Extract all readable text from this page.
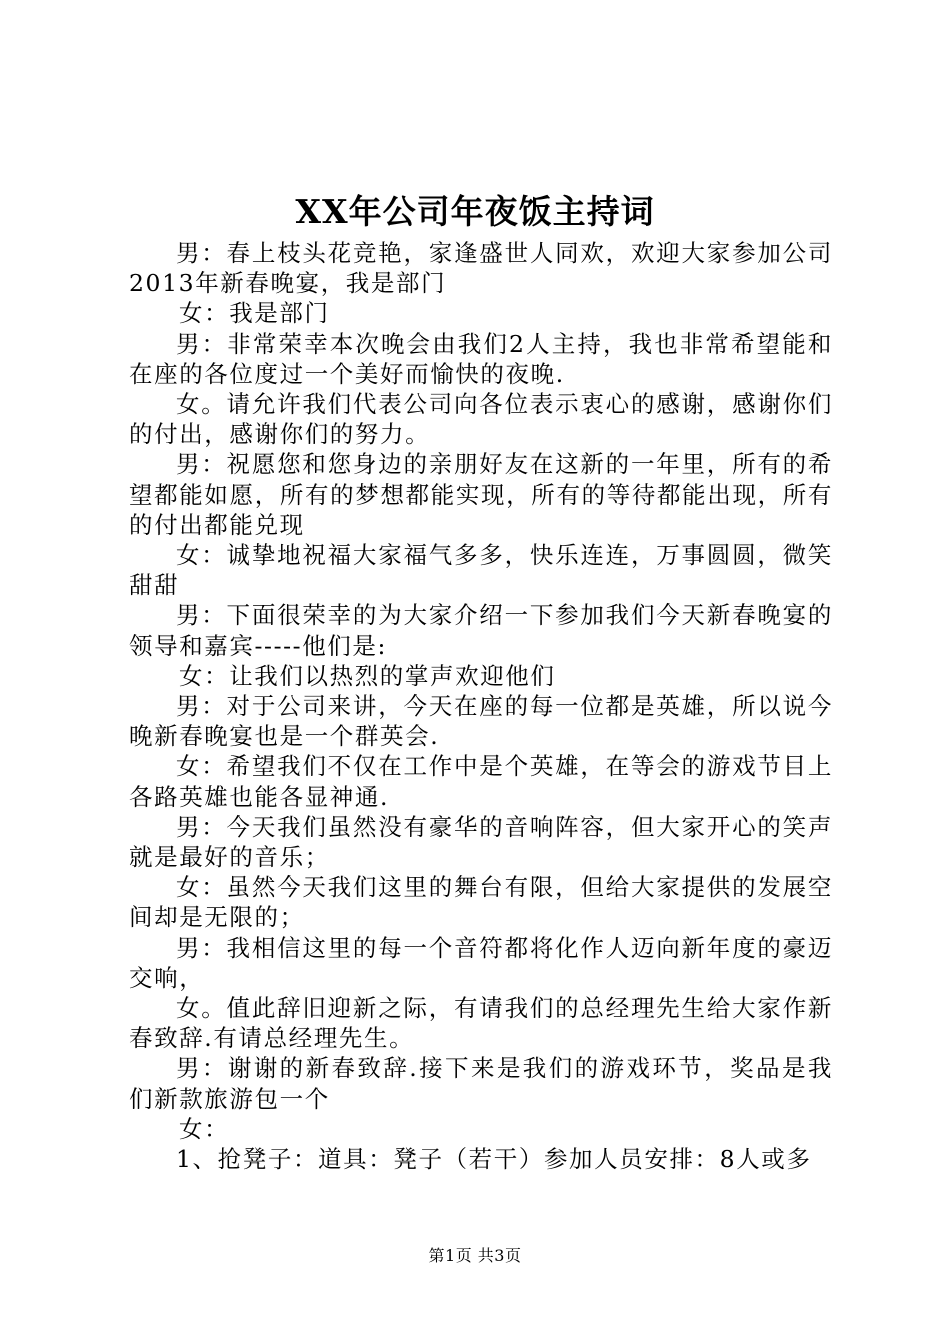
XX年公司年夜饭主持词

男：春上枝头花竞艳，家逢盛世人同欢，欢迎大家参加公司2013年新春晚宴，我是部门

女：我是部门

男：非常荣幸本次晚会由我们2人主持，我也非常希望能和在座的各位度过一个美好而愉快的夜晚.

女。请允许我们代表公司向各位表示衷心的感谢，感谢你们的付出，感谢你们的努力。

男：祝愿您和您身边的亲朋好友在这新的一年里，所有的希望都能如愿，所有的梦想都能实现，所有的等待都能出现，所有的付出都能兑现

女：诚挚地祝福大家福气多多，快乐连连，万事圆圆，微笑甜甜

男：下面很荣幸的为大家介绍一下参加我们今天新春晚宴的领导和嘉宾-----他们是:

女：让我们以热烈的掌声欢迎他们

男：对于公司来讲，今天在座的每一位都是英雄，所以说今晚新春晚宴也是一个群英会.

女：希望我们不仅在工作中是个英雄，在等会的游戏节目上各路英雄也能各显神通.

男：今天我们虽然没有豪华的音响阵容，但大家开心的笑声就是最好的音乐；

女：虽然今天我们这里的舞台有限，但给大家提供的发展空间却是无限的；

男：我相信这里的每一个音符都将化作人迈向新年度的豪迈交响，

女。值此辞旧迎新之际，有请我们的总经理先生给大家作新春致辞.有请总经理先生。

男：谢谢的新春致辞.接下来是我们的游戏环节，奖品是我们新款旅游包一个

女：

1、抢凳子：道具：凳子（若干）参加人员安排：8人或多

第1页 共3页
